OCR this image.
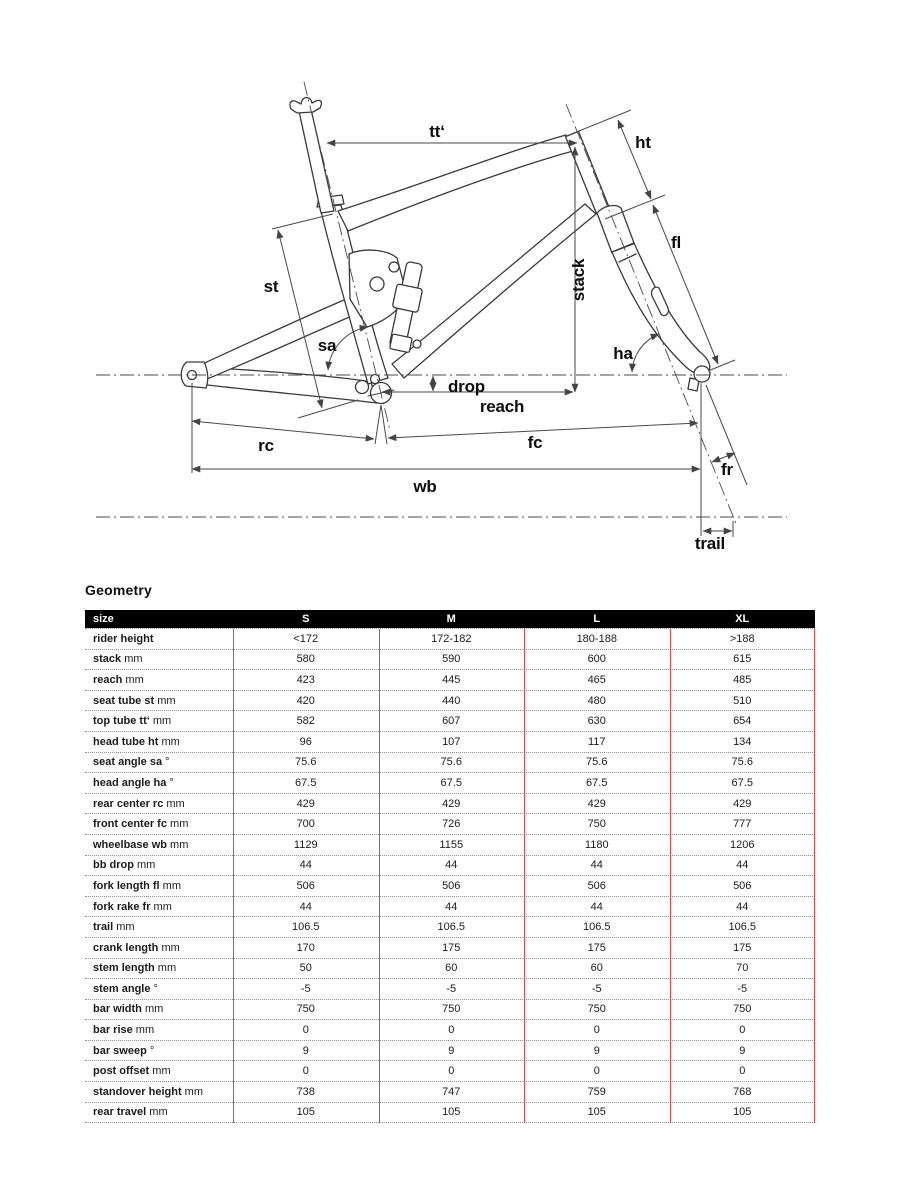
tt‘
ht
fl
st	stack
sa	ha
drop
reach
rc	fc
wb
fr
trail
Geometry
size	S	M	L	XL
rider height	<172	172-182	180-188	>188
stack mm	580	590	600	615
reach mm	423	445	465	485
seat tube st mm	420	440	480	510
top tube tt‘ mm	582	607	630	654
head tube ht mm	96	107	117	134
seat angle sa °	75.6	75.6	75.6	75.6
head angle ha °	67.5	67.5	67.5	67.5
rear center rc mm	429	429	429	429
front center fc mm	700	726	750	777
wheelbase wb mm	1129	1155	1180	1206
bb drop mm	44	44	44	44
fork length fl mm	506	506	506	506
fork rake fr mm	44	44	44	44
trail mm	106.5	106.5	106.5	106.5
crank length mm	170	175	175	175
stem length mm	50	60	60	70
stem angle °	-5	-5	-5	-5
bar width mm	750	750	750	750
bar rise mm	0	0	0	0
bar sweep °	9	9	9	9
post offset mm	0	0	0	0
standover height mm	738	747	759	768
rear travel mm	105	105	105	105
